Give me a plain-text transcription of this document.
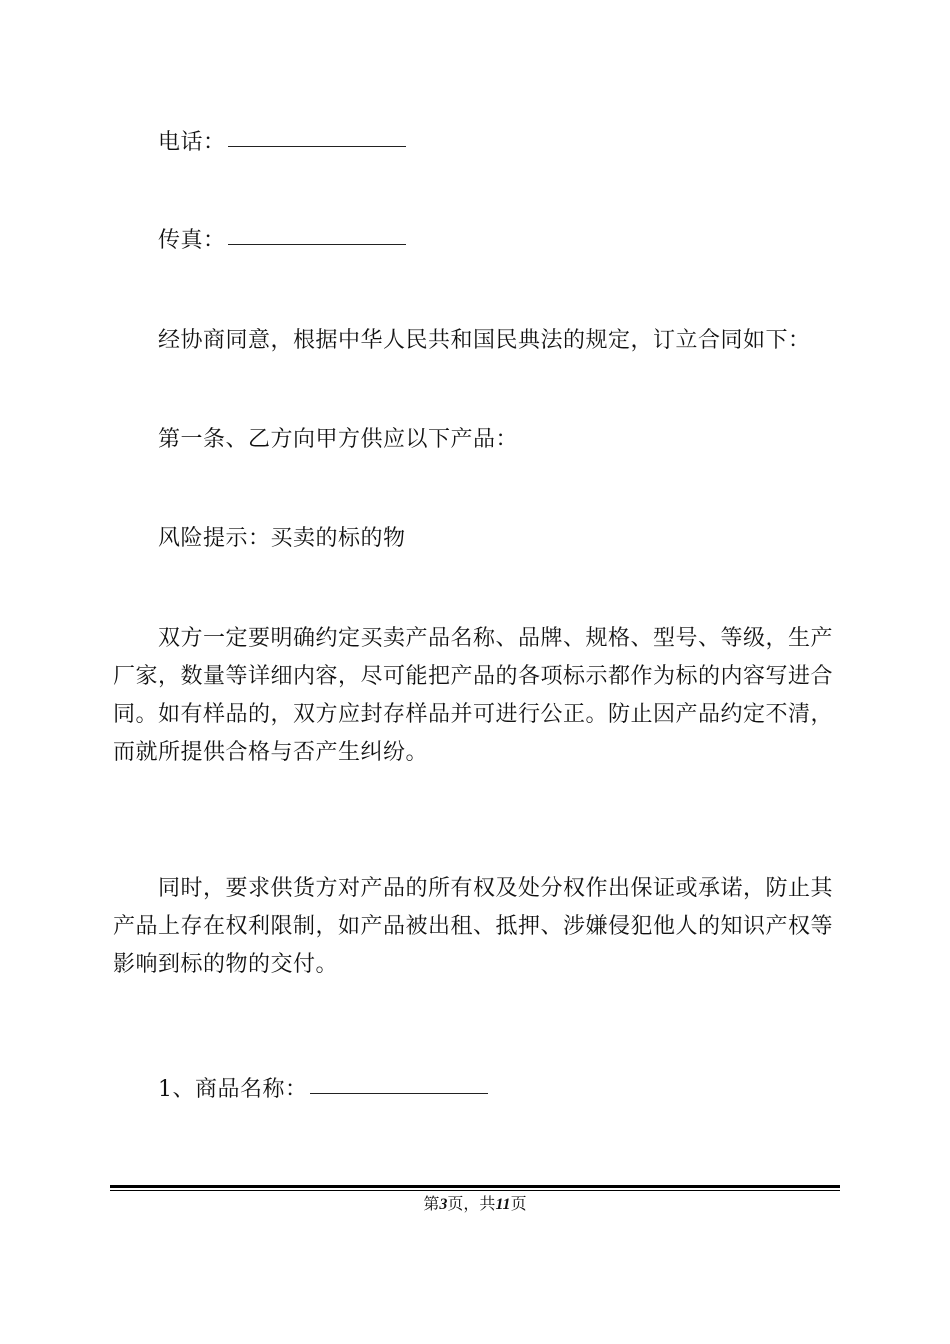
电话：
传真：
经协商同意，根据中华人民共和国民典法的规定，订立合同如下：
第一条、乙方向甲方供应以下产品：
风险提示：买卖的标的物
双方一定要明确约定买卖产品名称、品牌、规格、型号、等级，生产厂家，数量等详细内容，尽可能把产品的各项标示都作为标的内容写进合同。如有样品的，双方应封存样品并可进行公正。防止因产品约定不清，而就所提供合格与否产生纠纷。
同时，要求供货方对产品的所有权及处分权作出保证或承诺，防止其产品上存在权利限制，如产品被出租、抵押、涉嫌侵犯他人的知识产权等影响到标的物的交付。
1、商品名称：
第3页，共11页
